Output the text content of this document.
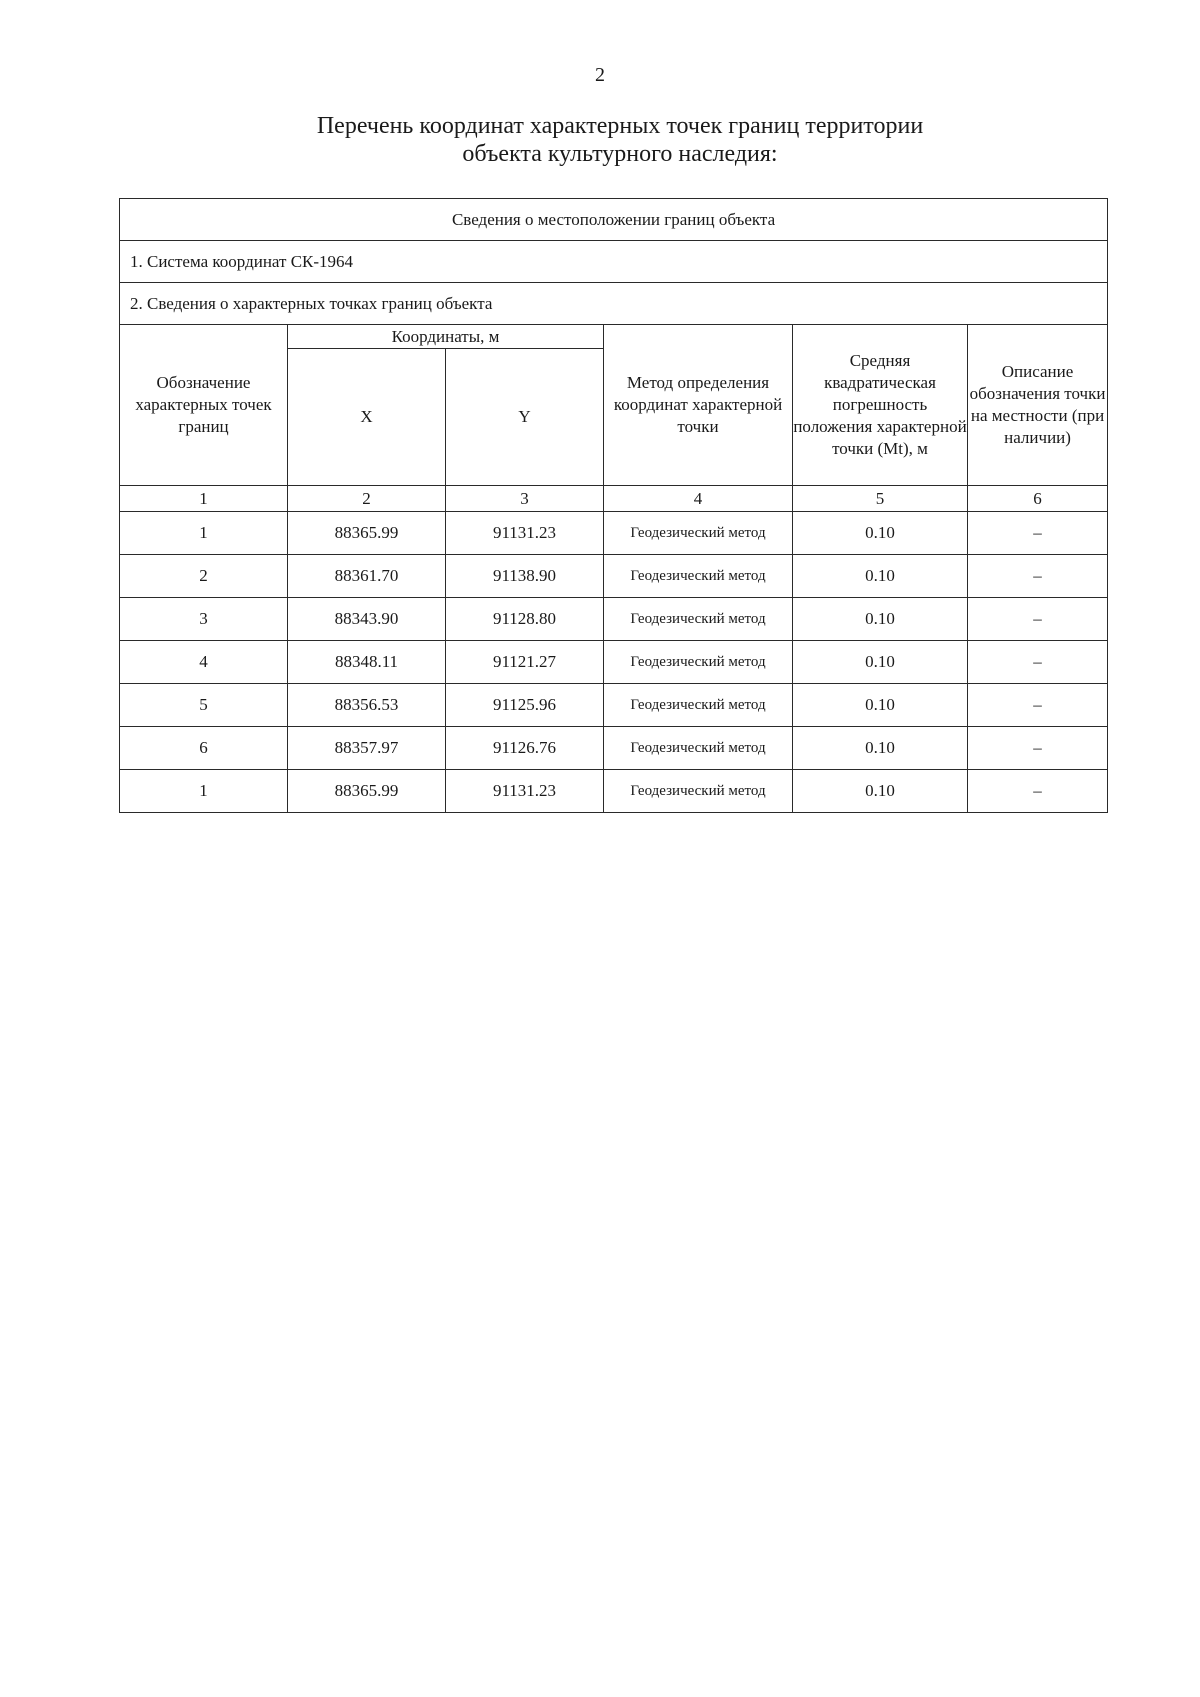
2
Перечень координат характерных точек границ территории
объекта культурного наследия:
Сведения о местоположении границ объекта					
1. Система координат СК-1964					
2. Сведения о характерных точках границ объекта					
Обозначение характерных точек границ	Координаты, м		Метод определения координат характерной точки	Средняя квадратическая погрешность положения характерной точки (Mt), м	Описание обозначения точки на местности (при наличии)
	X	Y			
1	2	3	4	5	6
1	88365.99	91131.23	Геодезический метод	0.10	–
2	88361.70	91138.90	Геодезический метод	0.10	–
3	88343.90	91128.80	Геодезический метод	0.10	–
4	88348.11	91121.27	Геодезический метод	0.10	–
5	88356.53	91125.96	Геодезический метод	0.10	–
6	88357.97	91126.76	Геодезический метод	0.10	–
1	88365.99	91131.23	Геодезический метод	0.10	–
